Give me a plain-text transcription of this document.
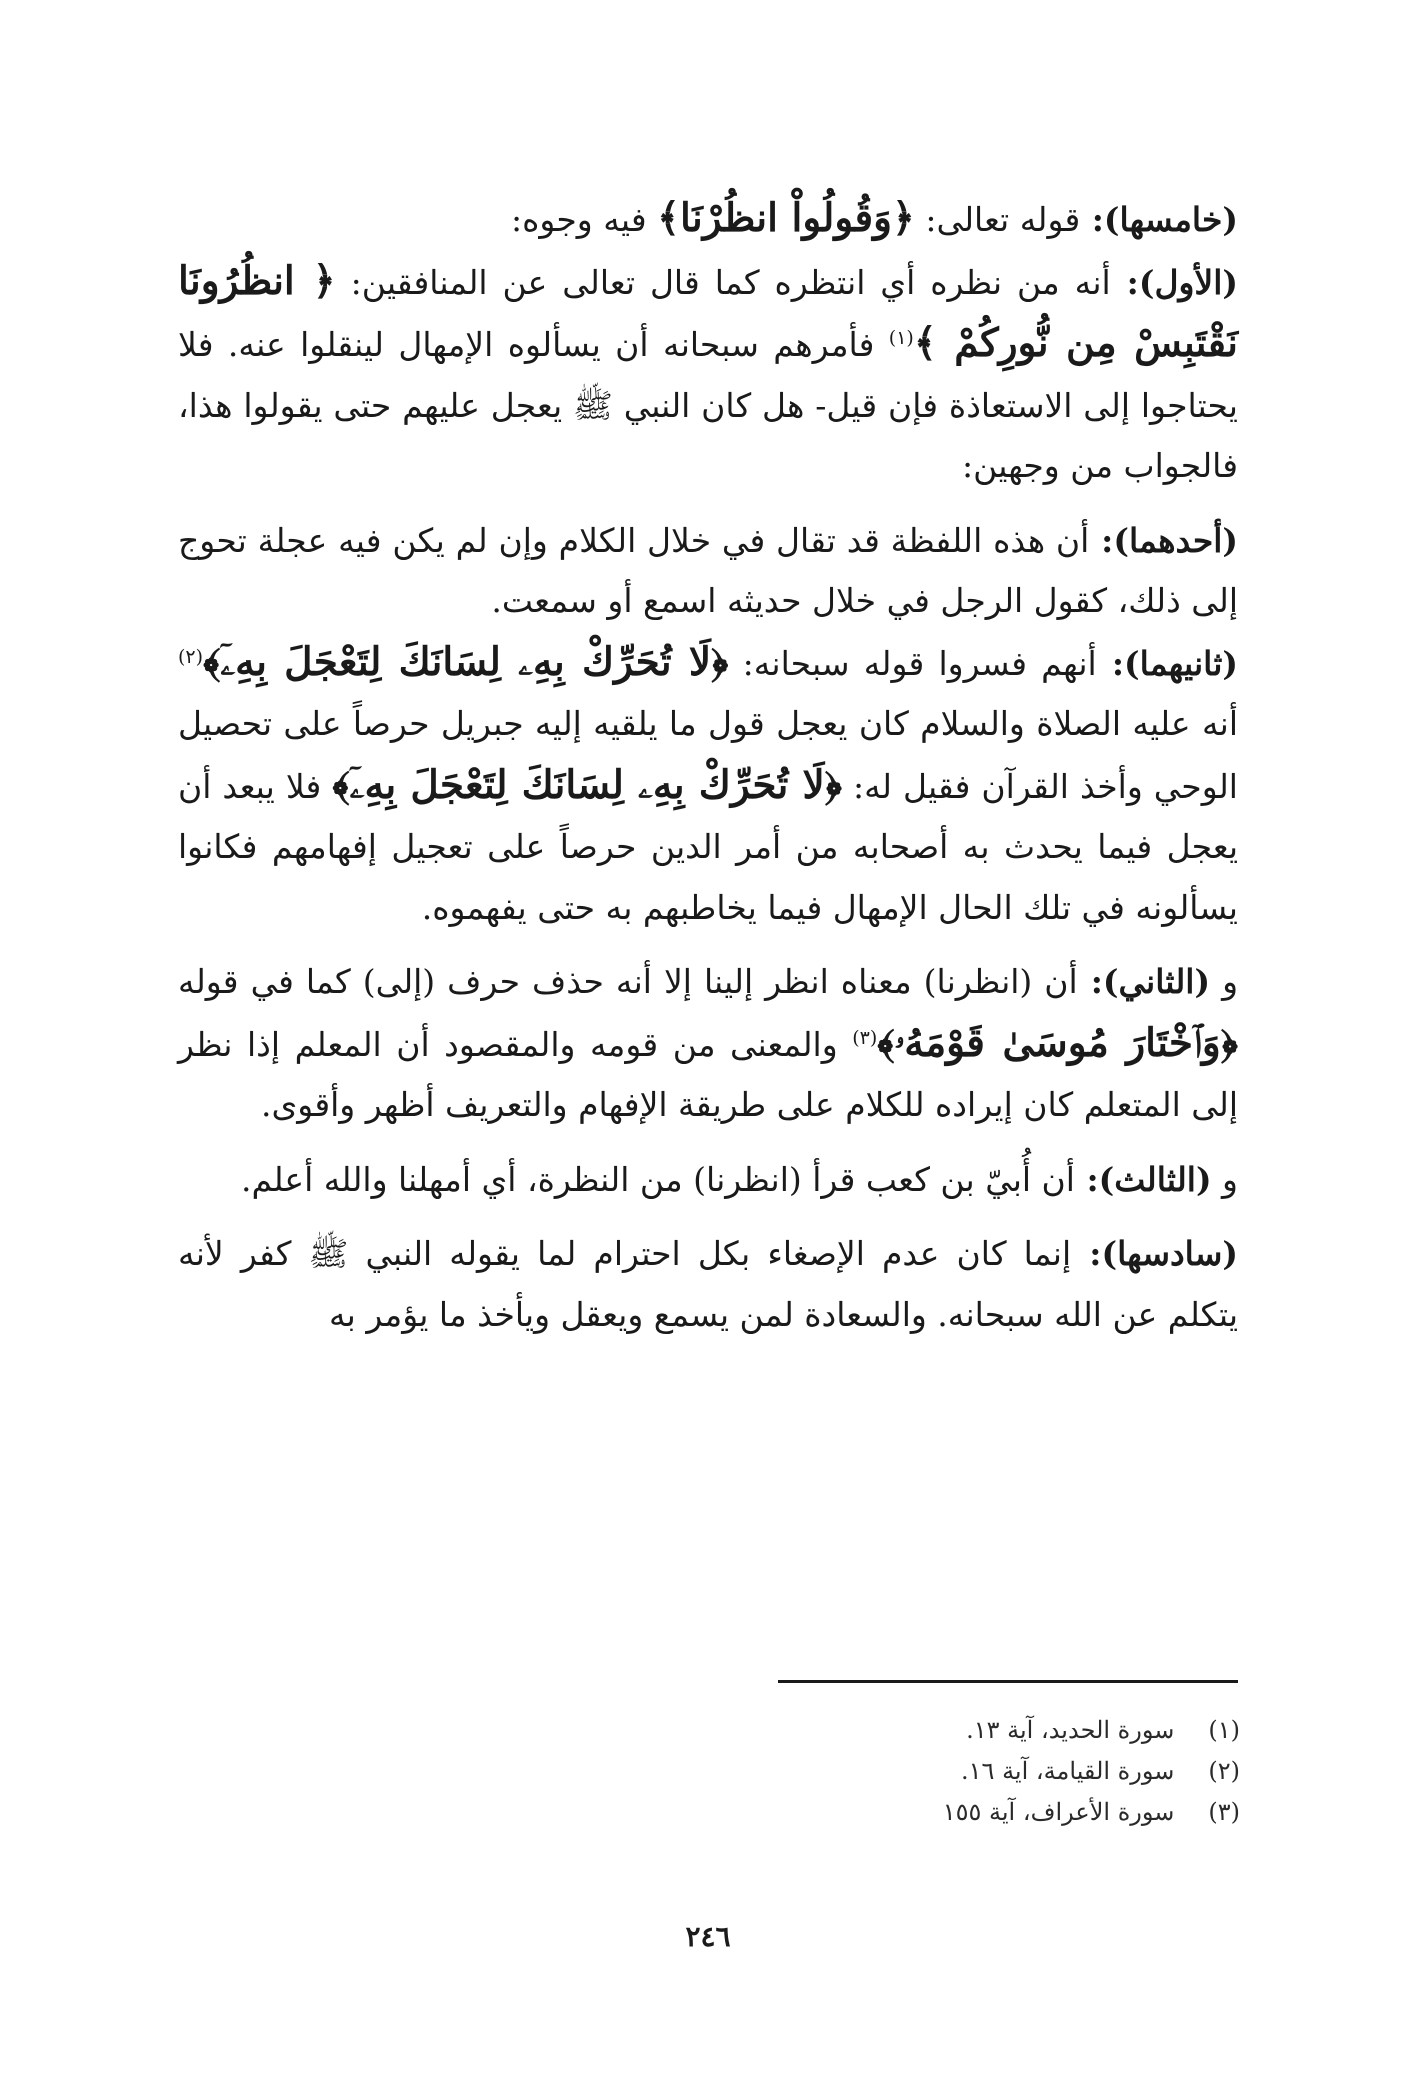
(خامسها): قوله تعالى: ﴿وَقُولُواْ انظُرْنَا﴾ فيه وجوه:

(الأول): أنه من نظره أي انتظره كما قال تعالى عن المنافقين: ﴿ انظُرُونَا نَقْتَبِسْ مِن نُّورِكُمْ ﴾$^{(١)}$ فأمرهم سبحانه أن يسألوه الإمهال لينقلوا عنه. فلا يحتاجوا إلى الاستعاذة فإن قيل- هل كان النبي ﷺ يعجل عليهم حتى يقولوا هذا، فالجواب من وجهين:

(أحدهما): أن هذه اللفظة قد تقال في خلال الكلام وإن لم يكن فيه عجلة تحوج إلى ذلك، كقول الرجل في خلال حديثه اسمع أو سمعت.

(ثانيهما): أنهم فسروا قوله سبحانه: ﴿لَا تُحَرِّكْ بِهِۦ لِسَانَكَ لِتَعْجَلَ بِهِۦٓ﴾$^{(٢)}$ أنه عليه الصلاة والسلام كان يعجل قول ما يلقيه إليه جبريل حرصاً على تحصيل الوحي وأخذ القرآن فقيل له: ﴿لَا تُحَرِّكْ بِهِۦ لِسَانَكَ لِتَعْجَلَ بِهِۦٓ﴾ فلا يبعد أن يعجل فيما يحدث به أصحابه من أمر الدين حرصاً على تعجيل إفهامهم فكانوا يسألونه في تلك الحال الإمهال فيما يخاطبهم به حتى يفهموه.

و (الثاني): أن (انظرنا) معناه انظر إلينا إلا أنه حذف حرف (إلى) كما في قوله ﴿وَٱخْتَارَ مُوسَىٰ قَوْمَهُۥ﴾$^{(٣)}$ والمعنى من قومه والمقصود أن المعلم إذا نظر إلى المتعلم كان إيراده للكلام على طريقة الإفهام والتعريف أظهر وأقوى.

و (الثالث): أن أُبيّ بن كعب قرأ (انظرنا) من النظرة، أي أمهلنا والله أعلم.

(سادسها): إنما كان عدم الإصغاء بكل احترام لما يقوله النبي ﷺ كفر لأنه يتكلم عن الله سبحانه. والسعادة لمن يسمع ويعقل ويأخذ ما يؤمر به

(١) سورة الحديد، آية ١٣.

(٢) سورة القيامة، آية ١٦.

(٣) سورة الأعراف، آية ١٥٥

٢٤٦
